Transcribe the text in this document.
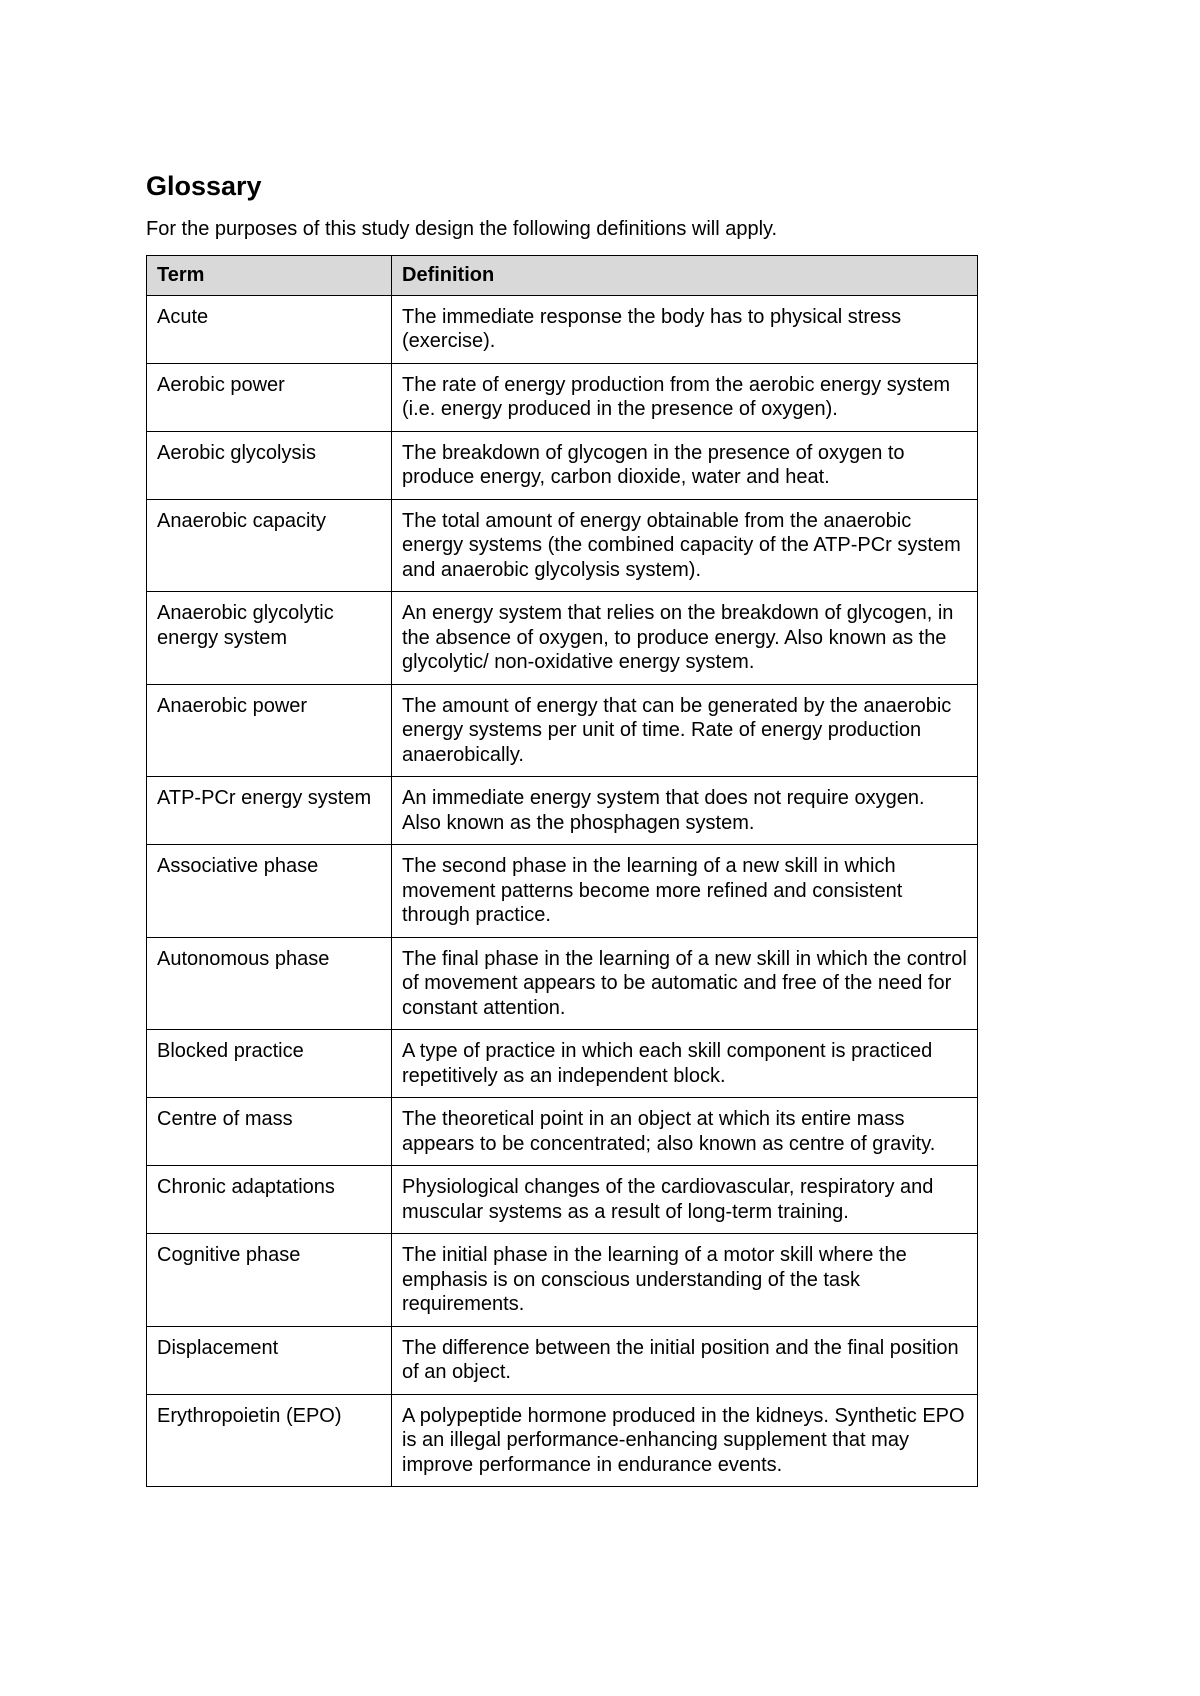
Glossary

For the purposes of this study design the following definitions will apply.

Term	Definition
Acute	The immediate response the body has to physical stress (exercise).
Aerobic power	The rate of energy production from the aerobic energy system (i.e. energy produced in the presence of oxygen).
Aerobic glycolysis	The breakdown of glycogen in the presence of oxygen to produce energy, carbon dioxide, water and heat.
Anaerobic capacity	The total amount of energy obtainable from the anaerobic energy systems (the combined capacity of the ATP-PCr system and anaerobic glycolysis system).
Anaerobic glycolytic energy system	An energy system that relies on the breakdown of glycogen, in the absence of oxygen, to produce energy. Also known as the glycolytic/ non-oxidative energy system.
Anaerobic power	The amount of energy that can be generated by the anaerobic energy systems per unit of time. Rate of energy production anaerobically.
ATP-PCr energy system	An immediate energy system that does not require oxygen. Also known as the phosphagen system.
Associative phase	The second phase in the learning of a new skill in which movement patterns become more refined and consistent through practice.
Autonomous phase	The final phase in the learning of a new skill in which the control of movement appears to be automatic and free of the need for constant attention.
Blocked practice	A type of practice in which each skill component is practiced repetitively as an independent block.
Centre of mass	The theoretical point in an object at which its entire mass appears to be concentrated; also known as centre of gravity.
Chronic adaptations	Physiological changes of the cardiovascular, respiratory and muscular systems as a result of long-term training.
Cognitive phase	The initial phase in the learning of a motor skill where the emphasis is on conscious understanding of the task requirements.
Displacement	The difference between the initial position and the final position of an object.
Erythropoietin (EPO)	A polypeptide hormone produced in the kidneys. Synthetic EPO is an illegal performance-enhancing supplement that may improve performance in endurance events.
